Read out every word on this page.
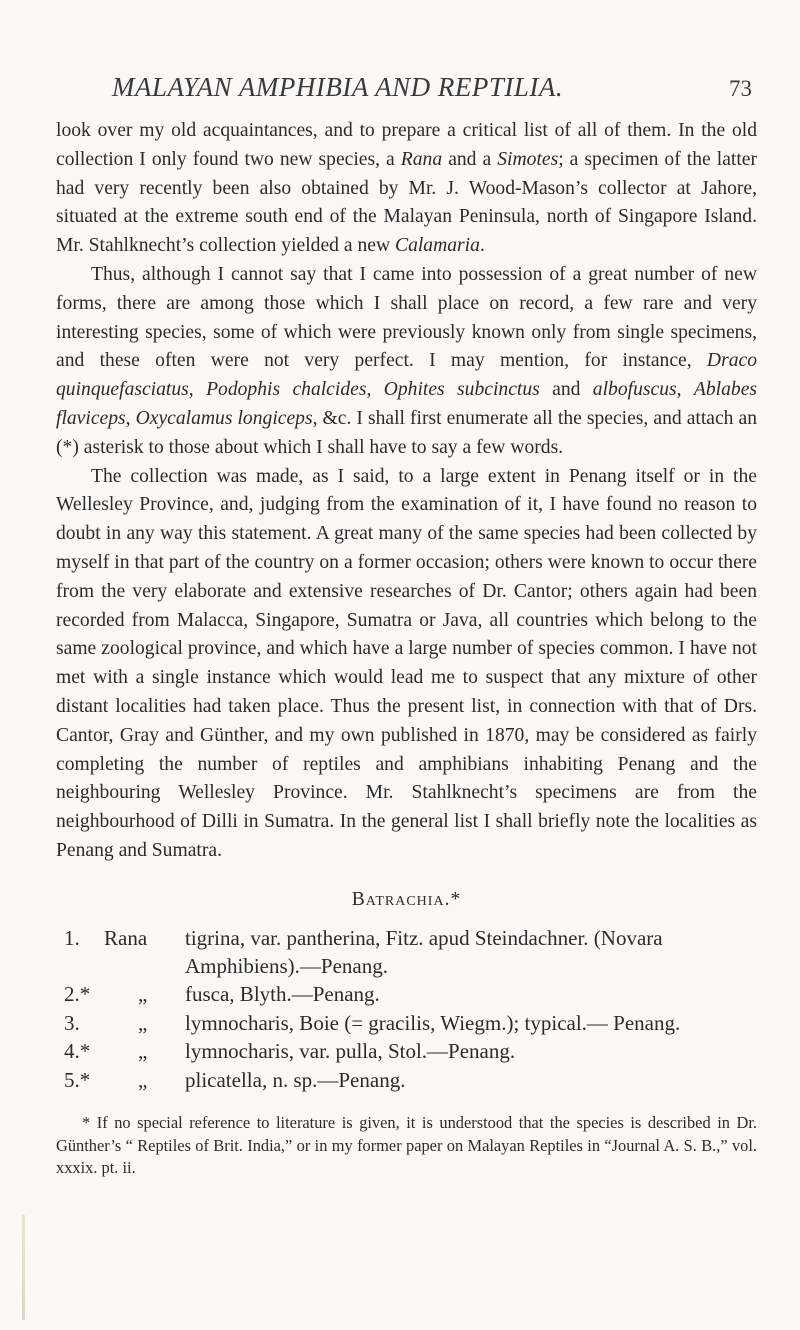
MALAYAN AMPHIBIA AND REPTILIA.	73

look over my old acquaintances, and to prepare a critical list of all of them. In the old collection I only found two new species, a Rana and a Simotes; a specimen of the latter had very recently been also obtained by Mr. J. Wood-Mason’s collector at Jahore, situated at the extreme south end of the Malayan Peninsula, north of Singapore Island. Mr. Stahlknecht’s collection yielded a new Calamaria.

Thus, although I cannot say that I came into possession of a great number of new forms, there are among those which I shall place on record, a few rare and very interesting species, some of which were previously known only from single specimens, and these often were not very perfect. I may mention, for instance, Draco quinquefasciatus, Podophis chalcides, Ophites subcinctus and albofuscus, Ablabes flaviceps, Oxycalamus longiceps, &c. I shall first enumerate all the species, and attach an (*) asterisk to those about which I shall have to say a few words.

The collection was made, as I said, to a large extent in Penang itself or in the Wellesley Province, and, judging from the examination of it, I have found no reason to doubt in any way this statement. A great many of the same species had been collected by myself in that part of the country on a former occasion; others were known to occur there from the very elaborate and extensive researches of Dr. Cantor; others again had been recorded from Malacca, Singapore, Sumatra or Java, all countries which belong to the same zoological province, and which have a large number of species common. I have not met with a single instance which would lead me to suspect that any mixture of other distant localities had taken place. Thus the present list, in connection with that of Drs. Cantor, Gray and Günther, and my own published in 1870, may be considered as fairly completing the number of reptiles and amphibians inhabiting Penang and the neighbouring Wellesley Province. Mr. Stahlknecht’s specimens are from the neighbourhood of Dilli in Sumatra. In the general list I shall briefly note the localities as Penang and Sumatra.

Batrachia.*
1. Rana tigrina, var. pantherina, Fitz. apud Steindachner. (Novara Amphibiens).—Penang.
2.* „ fusca, Blyth.—Penang.
3.	„ lymnocharis, Boie (= gracilis, Wiegm.); typical.— Penang.
4.* „ lymnocharis, var. pulla, Stol.—Penang.
5.* „ plicatella, n. sp.—Penang.

* If no special reference to literature is given, it is understood that the species is described in Dr. Günther’s “ Reptiles of Brit. India,” or in my former paper on Malayan Reptiles in “Journal A. S. B.,” vol. xxxix. pt. ii.
